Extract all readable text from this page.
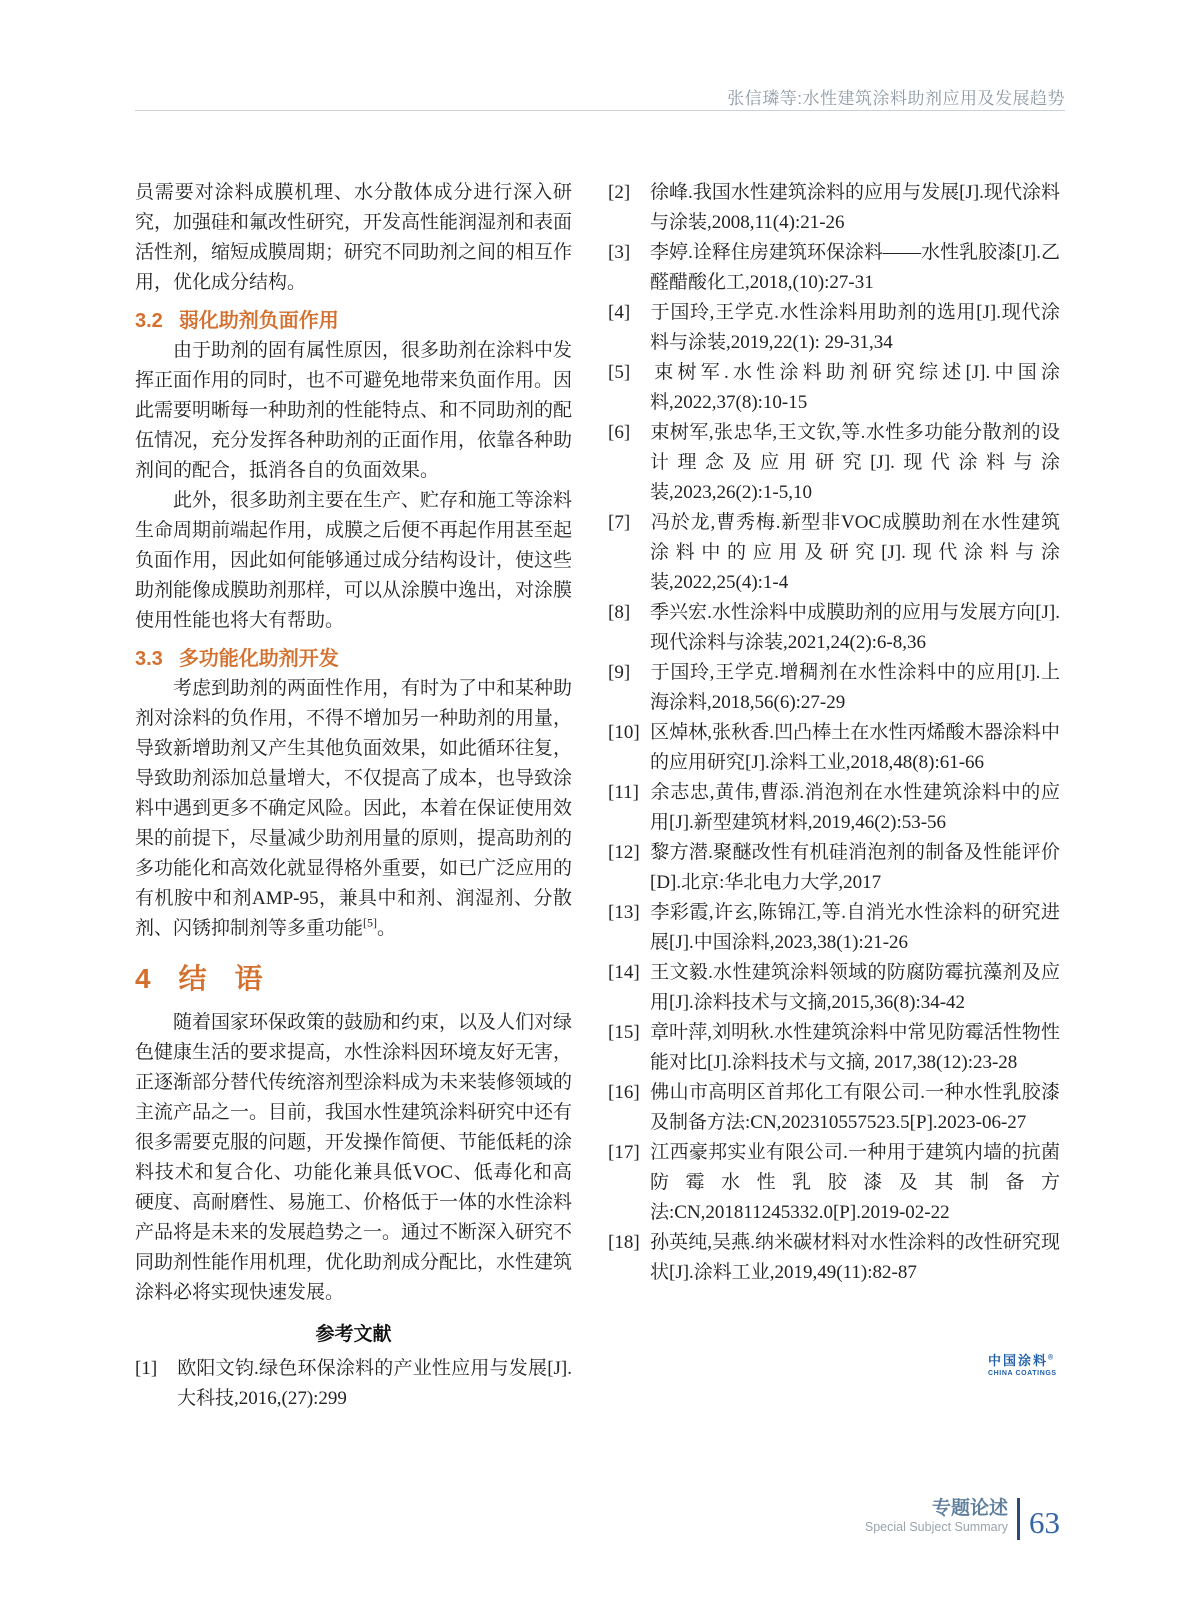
张信璘等:水性建筑涂料助剂应用及发展趋势

员需要对涂料成膜机理、水分散体成分进行深入研究，加强硅和氟改性研究，开发高性能润湿剂和表面活性剂，缩短成膜周期；研究不同助剂之间的相互作用，优化成分结构。

3.2 弱化助剂负面作用

由于助剂的固有属性原因，很多助剂在涂料中发挥正面作用的同时，也不可避免地带来负面作用。因此需要明晰每一种助剂的性能特点、和不同助剂的配伍情况，充分发挥各种助剂的正面作用，依靠各种助剂间的配合，抵消各自的负面效果。

此外，很多助剂主要在生产、贮存和施工等涂料生命周期前端起作用，成膜之后便不再起作用甚至起负面作用，因此如何能够通过成分结构设计，使这些助剂能像成膜助剂那样，可以从涂膜中逸出，对涂膜使用性能也将大有帮助。

3.3 多功能化助剂开发

考虑到助剂的两面性作用，有时为了中和某种助剂对涂料的负作用，不得不增加另一种助剂的用量，导致新增助剂又产生其他负面效果，如此循环往复，导致助剂添加总量增大，不仅提高了成本，也导致涂料中遇到更多不确定风险。因此，本着在保证使用效果的前提下，尽量减少助剂用量的原则，提高助剂的多功能化和高效化就显得格外重要，如已广泛应用的有机胺中和剂AMP-95，兼具中和剂、润湿剂、分散剂、闪锈抑制剂等多重功能[5]。

4 结　语

随着国家环保政策的鼓励和约束，以及人们对绿色健康生活的要求提高，水性涂料因环境友好无害，正逐渐部分替代传统溶剂型涂料成为未来装修领域的主流产品之一。目前，我国水性建筑涂料研究中还有很多需要克服的问题，开发操作简便、节能低耗的涂料技术和复合化、功能化兼具低VOC、低毒化和高硬度、高耐磨性、易施工、价格低于一体的水性涂料产品将是未来的发展趋势之一。通过不断深入研究不同助剂性能作用机理，优化助剂成分配比，水性建筑涂料必将实现快速发展。

参考文献

[1] 欧阳文钧.绿色环保涂料的产业性应用与发展[J].大科技,2016,(27):299

[2] 徐峰.我国水性建筑涂料的应用与发展[J].现代涂料与涂装,2008,11(4):21-26

[3] 李婷.诠释住房建筑环保涂料——水性乳胶漆[J].乙醛醋酸化工,2018,(10):27-31

[4] 于国玲,王学克.水性涂料用助剂的选用[J].现代涂料与涂装,2019,22(1): 29-31,34

[5] 束树军.水性涂料助剂研究综述[J].中国涂料,2022,37(8):10-15

[6] 束树军,张忠华,王文钦,等.水性多功能分散剂的设计理念及应用研究[J].现代涂料与涂装,2023,26(2):1-5,10

[7] 冯於龙,曹秀梅.新型非VOC成膜助剂在水性建筑涂料中的应用及研究[J].现代涂料与涂装,2022,25(4):1-4

[8] 季兴宏.水性涂料中成膜助剂的应用与发展方向[J].现代涂料与涂装,2021,24(2):6-8,36

[9] 于国玲,王学克.增稠剂在水性涂料中的应用[J].上海涂料,2018,56(6):27-29

[10] 区焯林,张秋香.凹凸棒土在水性丙烯酸木器涂料中的应用研究[J].涂料工业,2018,48(8):61-66

[11] 余志忠,黄伟,曹添.消泡剂在水性建筑涂料中的应用[J].新型建筑材料,2019,46(2):53-56

[12] 黎方潜.聚醚改性有机硅消泡剂的制备及性能评价[D].北京:华北电力大学,2017

[13] 李彩霞,许玄,陈锦江,等.自消光水性涂料的研究进展[J].中国涂料,2023,38(1):21-26

[14] 王文毅.水性建筑涂料领域的防腐防霉抗藻剂及应用[J].涂料技术与文摘,2015,36(8):34-42

[15] 章叶萍,刘明秋.水性建筑涂料中常见防霉活性物性能对比[J].涂料技术与文摘, 2017,38(12):23-28

[16] 佛山市高明区首邦化工有限公司.一种水性乳胶漆及制备方法:CN,202310557523.5[P].2023-06-27

[17] 江西豪邦实业有限公司.一种用于建筑内墙的抗菌防霉水性乳胶漆及其制备方法:CN,201811245332.0[P].2019-02-22

[18] 孙英纯,吴燕.纳米碳材料对水性涂料的改性研究现状[J].涂料工业,2019,49(11):82-87

中国涂料®
CHINA COATINGS
专题论述
Special Subject Summary 63
